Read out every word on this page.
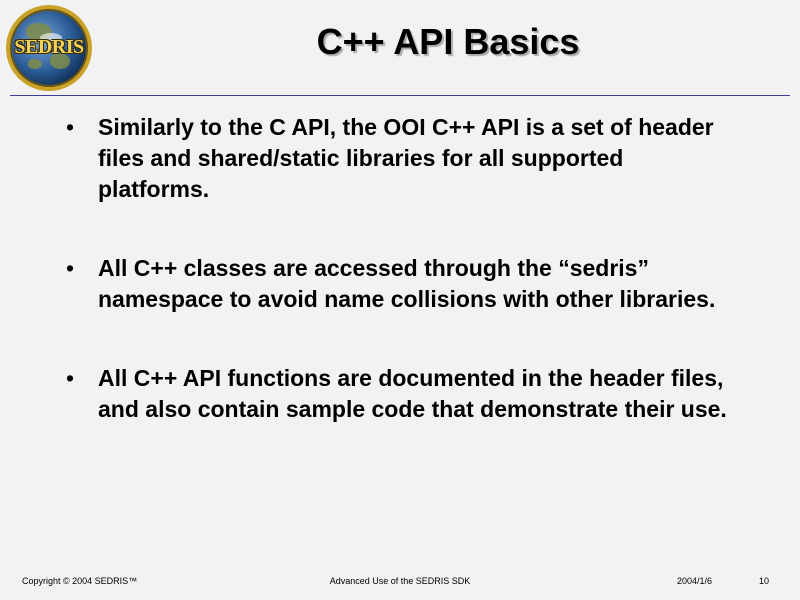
SEDRIS	C++ API Basics
• Similarly to the C API, the OOI C++ API is a set of header files and shared/static libraries for all supported platforms.
• All C++ classes are accessed through the “sedris” namespace to avoid name collisions with other libraries.
• All C++ API functions are documented in the header files, and also contain sample code that demonstrate their use.
Copyright © 2004 SEDRIS™	Advanced Use of the SEDRIS SDK	2004/1/6	10
